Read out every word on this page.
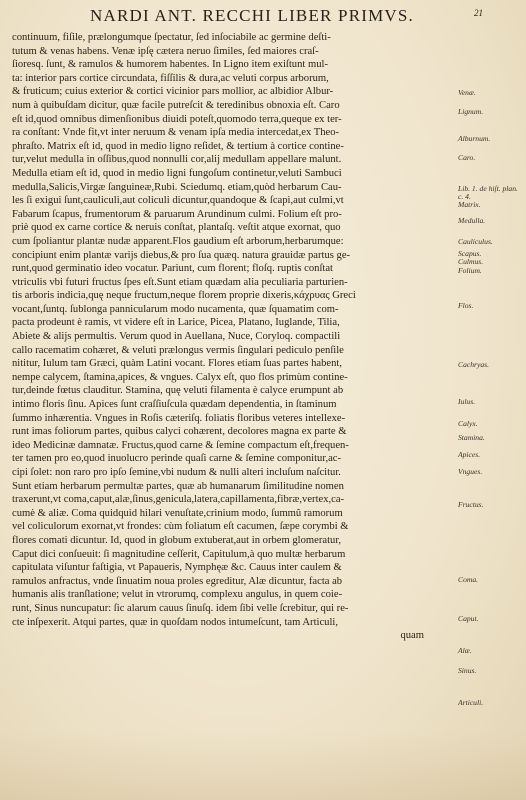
NARDI ANT. RECCHI LIBER PRIMVS.	21
continuum, fiſile, prælongumque ſpectatur, ſed inſociabile ac germine deſti-
tutum & venas habens. Venæ ipſę cætera neruo ſimiles, ſed maiores craſ-
ſioresq. ſunt, & ramulos & humorem habentes. In Ligno item exiſtunt mul-
ta: interior pars cortice circundata, fiſſilis & dura,ac veluti corpus arborum,
& fruticum; cuius exterior & cortici vicinior pars mollior, ac albidior Albur-
num à quibuſdam dicitur, quæ facile putreſcit & teredinibus obnoxia eſt. Caro
eſt id,quod omnibus dimenſionibus diuidi poteſt,quomodo terra,queque ex ter-
ra conſtant: Vnde fit,vt inter neruum & venam ipſa media intercedat,ex Theo-
phraſto. Matrix eſt id, quod in medio ligno reſidet, & tertium à cortice contine-
tur,velut medulla in oſſibus,quod nonnulli cor,alij medullam appellare malunt.
Medulla etiam eſt id, quod in medio ligni fungoſum continetur,veluti Sambuci
medulla,Salicis,Virgæ ſanguineæ,Rubi. Sciedumq. etiam,quòd herbarum Cau-
les ſi exigui ſunt,cauliculi,aut coliculi dicuntur,quandoque & ſcapi,aut culmi,vt
Fabarum ſcapus, frumentorum & paruarum Arundinum culmi. Folium eſt pro-
priè quod ex carne cortice & neruis conſtat, plantaſq. veſtit atque exornat, quo
cum ſpoliantur plantæ nudæ apparent.Flos gaudium eſt arborum,herbarumque:
concipiunt enim plantæ varijs diebus,& pro ſua quæq. natura grauidæ partus ge-
runt,quod germinatio ideo vocatur. Pariunt, cum florent; floſq. ruptis conſtat
vtriculis vbi futuri fructus ſpes eſt.Sunt etiam quædam alia peculiaria parturien-
tis arboris indicia,quę neque fructum,neque florem proprie dixeris,κάχρυας Greci
vocant,ſuntq. ſublonga pannicularum modo nucamenta, quæ ſquamatim com-
pacta prodeunt è ramis, vt videre eſt in Larice, Picea, Platano, Iuglande, Tilia,
Abiete & alijs permultis. Verum quod in Auellana, Nuce, Coryloq. compactili
callo racematim cohæret, & veluti prælongus vermis ſingulari pediculo penſile
nititur, Iulum tam Græci, quàm Latini vocant. Flores etiam ſuas partes habent,
nempe calycem, ſtamina,apices, & vngues. Calyx eſt, quo flos primùm contine-
tur,deinde fœtus clauditur. Stamina, quę veluti filamenta è calyce erumpunt ab
intimo floris ſinu. Apices ſunt craſſiuſcula quædam dependentia, in ſtaminum
ſummo inhærentia. Vngues in Roſis cæteriſq. foliatis floribus veteres intellexe-
runt imas foliorum partes, quibus calyci cohærent, decolores magna ex parte &
ideo Medicinæ damnatæ. Fructus,quod carne & ſemine compactum eſt,frequen-
ter tamen pro eo,quod inuolucro perinde quaſi carne & ſemine componitur,ac-
cipi ſolet: non raro pro ipſo ſemine,vbi nudum & nulli alteri incluſum naſcitur.
Sunt etiam herbarum permultæ partes, quæ ab humanarum ſimilitudine nomen
traxerunt,vt coma,caput,alæ,ſinus,genicula,latera,capillamenta,fibræ,vertex,ca-
cumė & aliæ. Coma quidquid hilari venuſtate,crinium modo, ſummũ ramorum
vel coliculorum exornat,vt frondes: cùm foliatum eſt cacumen, ſæpe corymbi &
flores comati dicuntur. Id, quod in globum extuberat,aut in orbem glomeratur,
Caput dici conſueuit: ſi magnitudine ceſſerit, Capitulum,à quo multæ herbarum
capitulata viſuntur faſtigia, vt Papaueris, Nymphęæ &c. Cauus inter caulem &
ramulos anfractus, vnde ſinuatim noua proles egreditur, Alæ dicuntur, facta ab
humanis alis tranſlatione; velut in vtrorumq, complexu angulus, in quem coie-
runt, Sinus nuncupatur: ſic alarum cauus ſinuſq. idem ſibi velle ſcrebitur, qui re-
cte inſpexerit. Atqui partes, quæ in quoſdam nodos intumeſcunt, tam Articuli,
quam
Venæ.
Lignum.
Alburnum.
Caro.
Lib. 1. de hiſt. plan. c. 4.
Matrix.
Medulla.
Cauliculus.
Scapus.
Culmus.
Folium.
Flos.
Cachryas.
Iulus.
Calyx.
Stamina.
Apices.
Vngues.
Fructus.
Coma.
Caput.
Alæ.
Sinus.
Articuli.
